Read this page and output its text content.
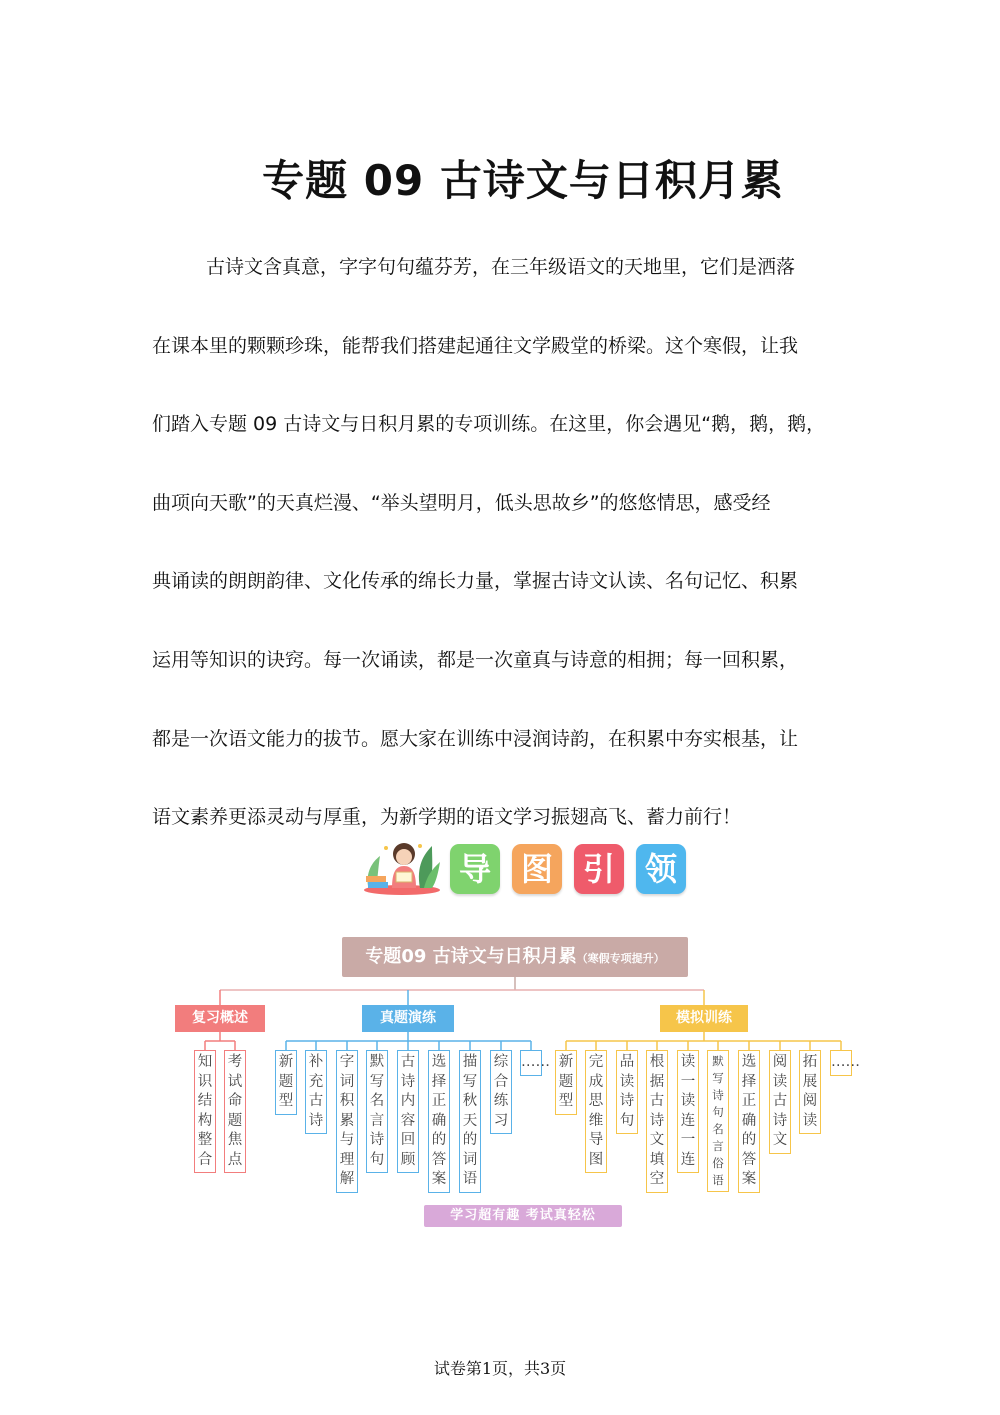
专题 09 古诗文与日积月累
古诗文含真意，字字句句蕴芬芳，在三年级语文的天地里，它们是洒落
在课本里的颗颗珍珠，能帮我们搭建起通往文学殿堂的桥梁。这个寒假，让我
们踏入专题 09 古诗文与日积月累的专项训练。在这里，你会遇见“鹅，鹅，鹅，
曲项向天歌”的天真烂漫、“举头望明月，低头思故乡”的悠悠情思，感受经
典诵读的朗朗韵律、文化传承的绵长力量，掌握古诗文认读、名句记忆、积累
运用等知识的诀窍。每一次诵读，都是一次童真与诗意的相拥；每一回积累，
都是一次语文能力的拔节。愿大家在训练中浸润诗韵，在积累中夯实根基，让
语文素养更添灵动与厚重，为新学期的语文学习振翅高飞、蓄力前行！
导 图 引 领
专题09 古诗文与日积月累（寒假专项提升）
复习概述	真题演练	模拟训练
知识结构整合
考试命题焦点
新题型
补充古诗
字词积累与理解
默写名言诗句
古诗内容回顾
选择正确的答案
描写秋天的词语
综合练习
…… 新题型
完成思维导图
品读诗句
根据古诗文填空
读一读连一连
默写诗句名言俗语
选择正确的答案
阅读古诗文
拓展阅读
……
学习超有趣 考试真轻松
试卷第1页，共3页
